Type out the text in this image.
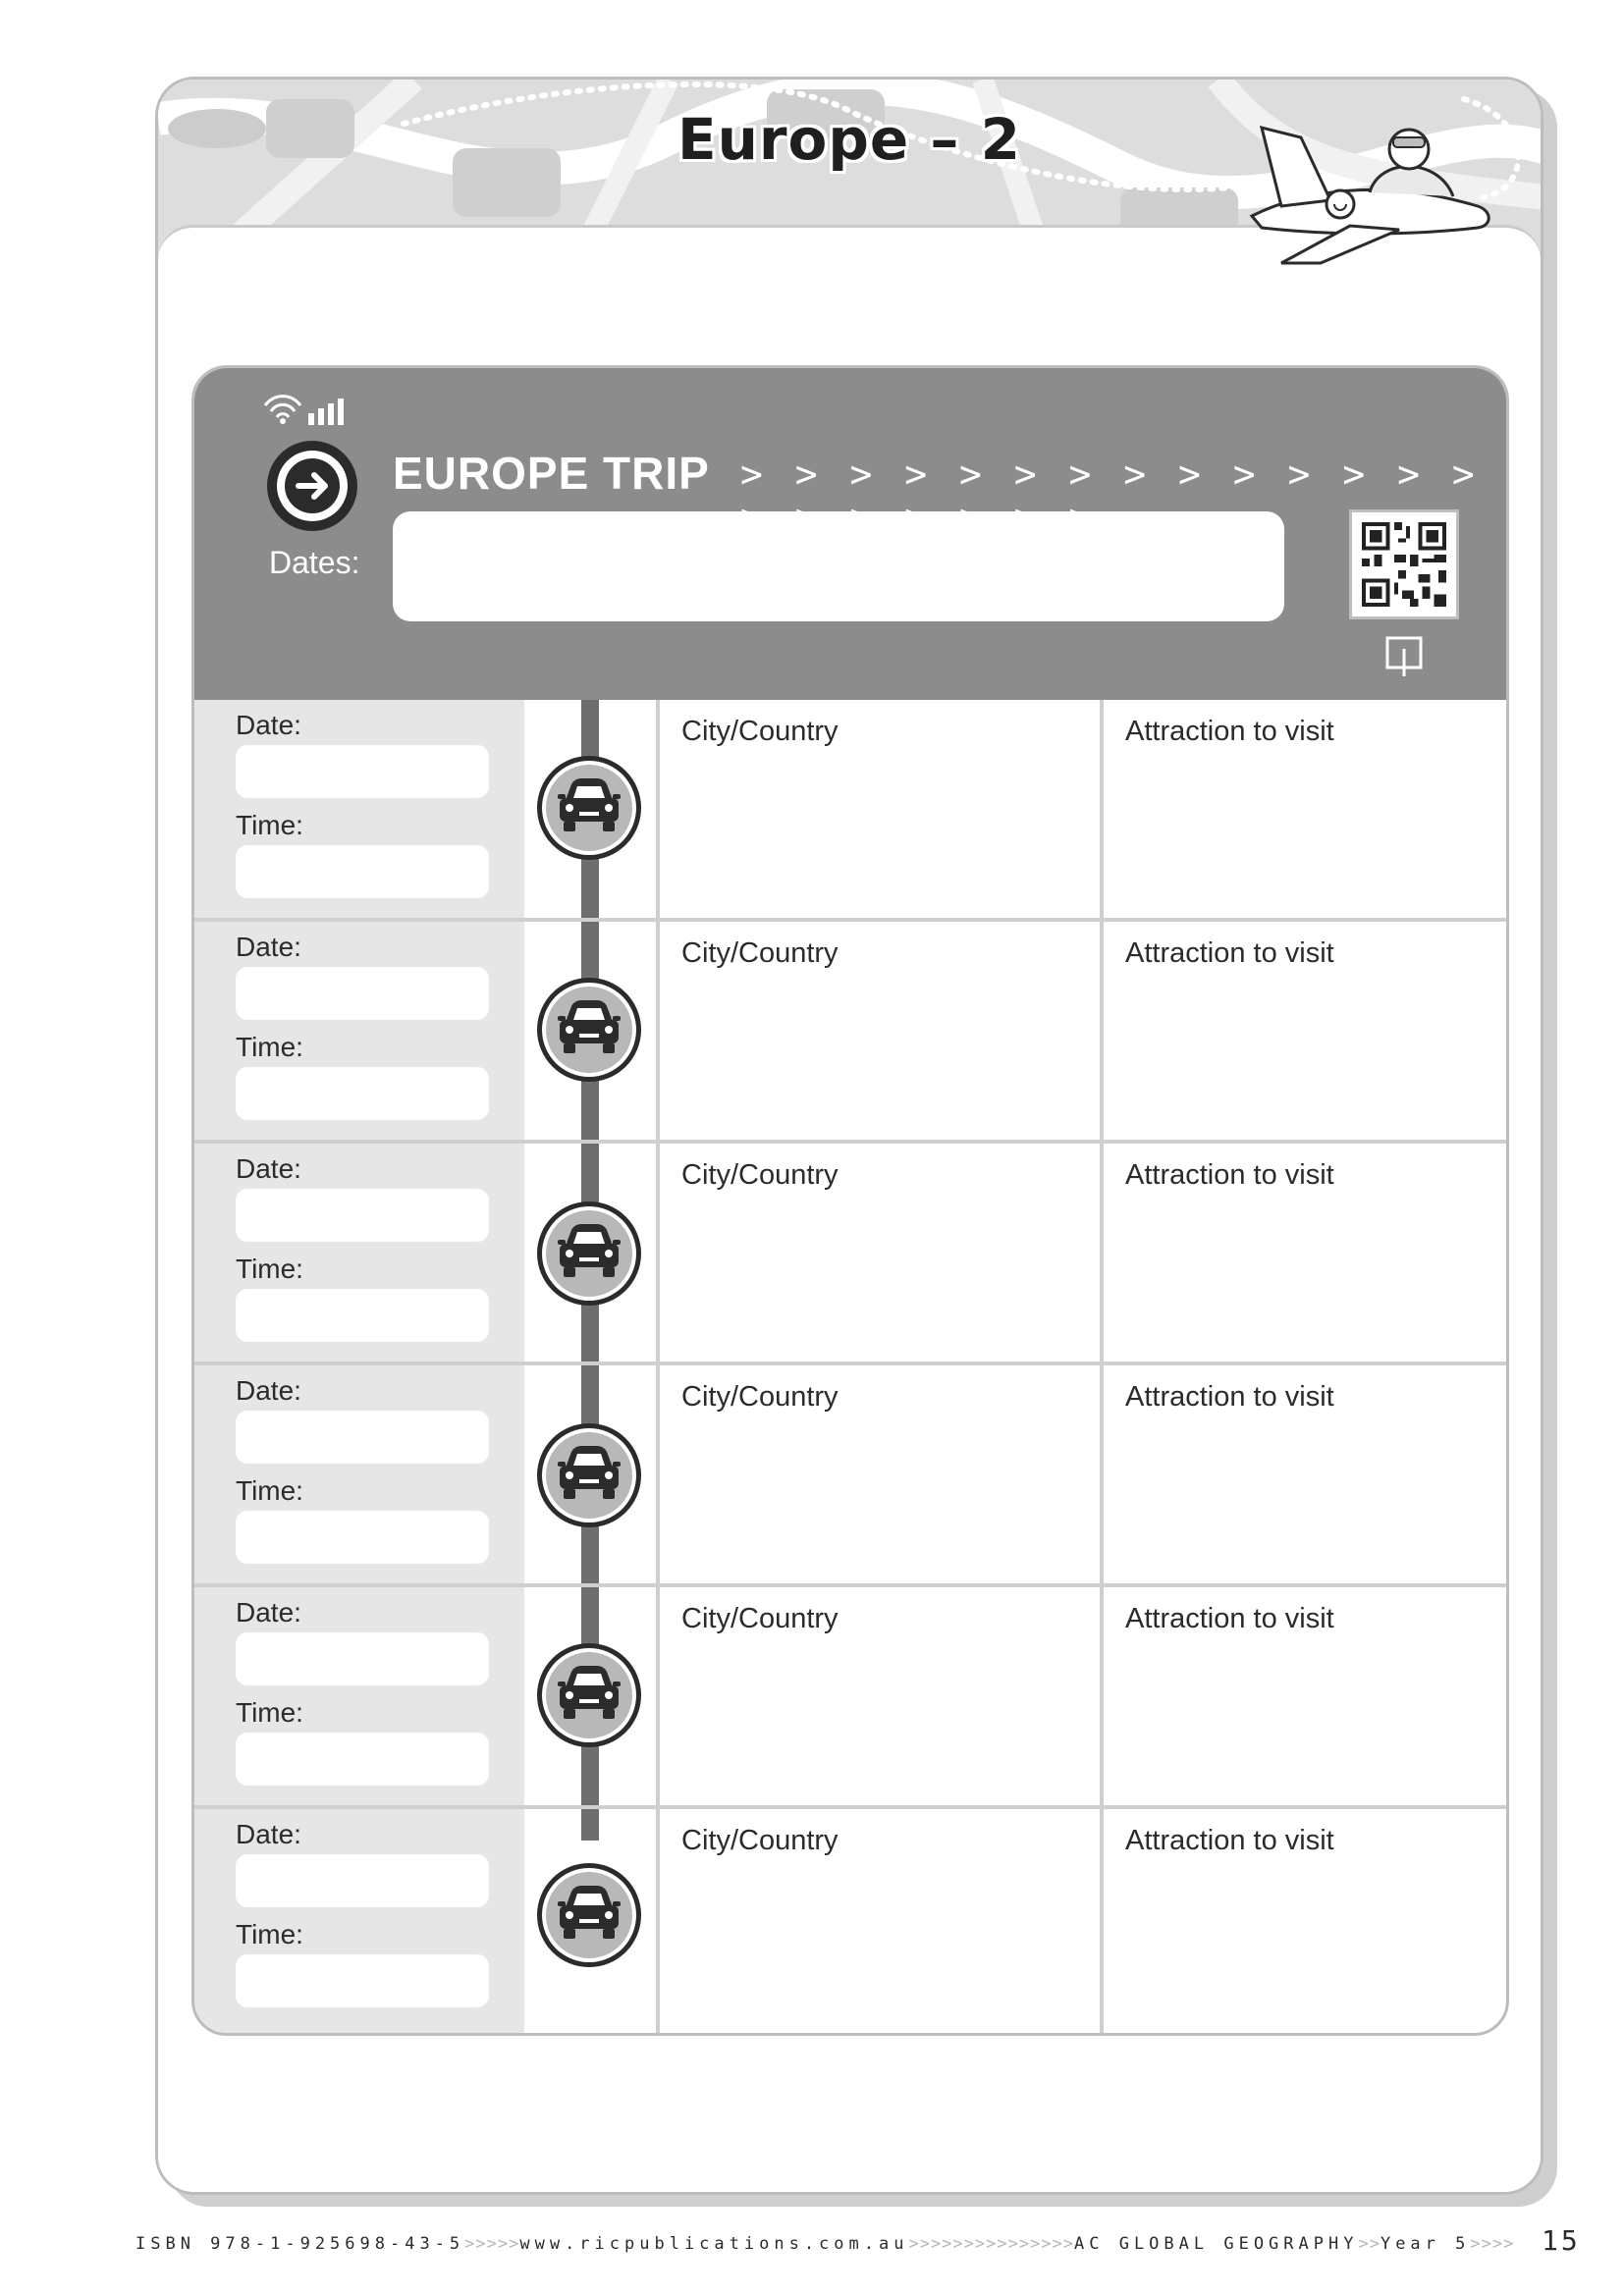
Europe – 2
EUROPE TRIP > > > > > > > > > > > > > >
Dates:
Date:
Time:
City/Country	Attraction to visit
Date:
Time:
City/Country	Attraction to visit
Date:
Time:
City/Country	Attraction to visit
Date:
Time:
City/Country	Attraction to visit
Date:
Time:
City/Country	Attraction to visit
Date:
Time:
City/Country	Attraction to visit
ISBN 978-1-925698-43-5>>>>>www.ricpublications.com.au>>>>>>>>>>>>>>>AC GLOBAL GEOGRAPHY>>Year 5>>>> 15
